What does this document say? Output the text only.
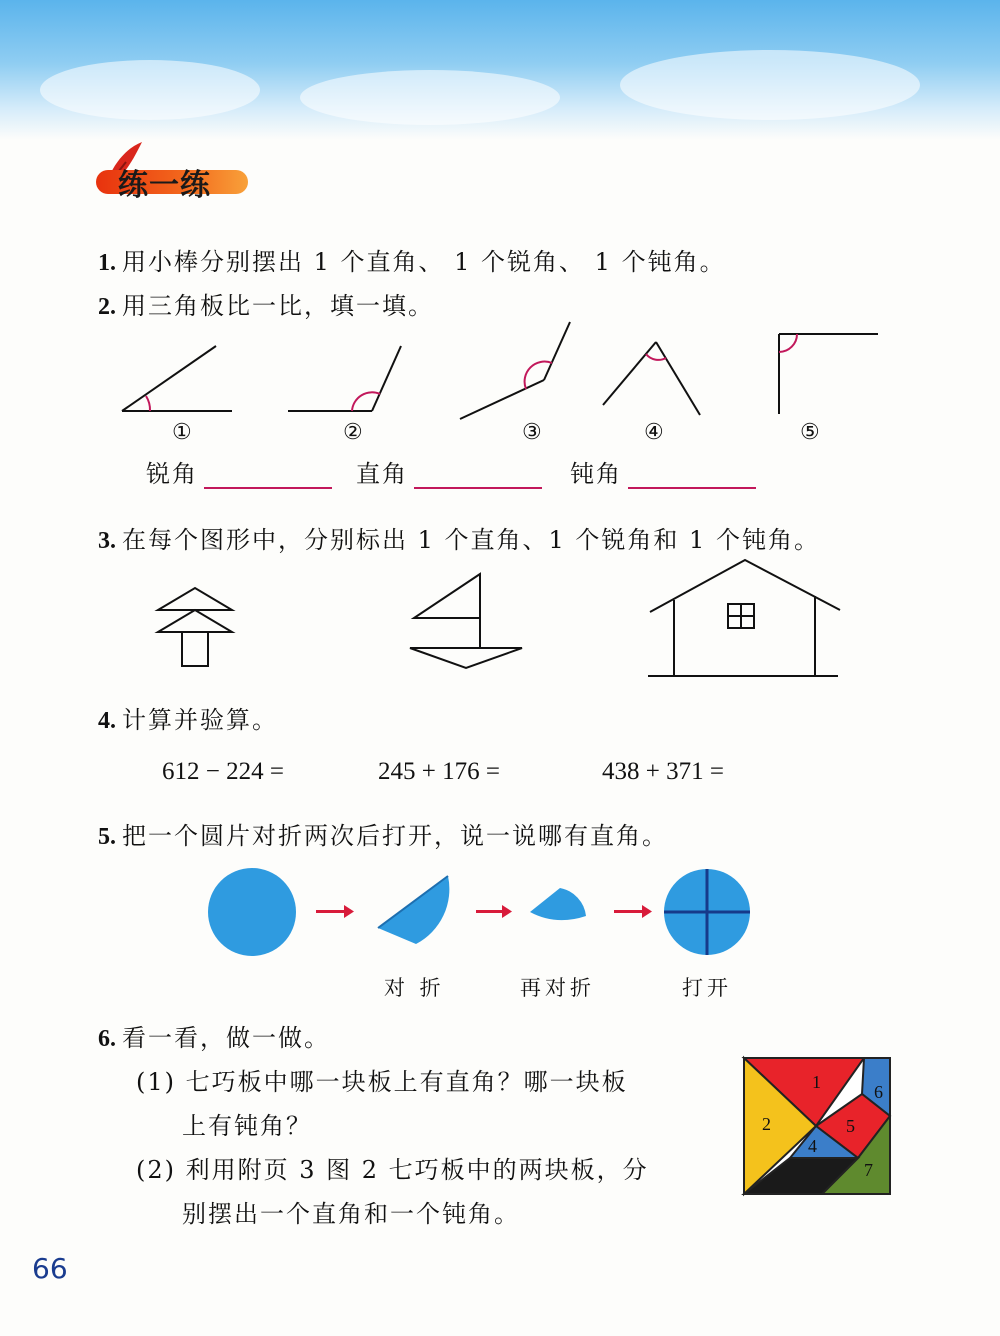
练一练
1. 用小棒分别摆出 1 个直角、 1 个锐角、 1 个钝角。
2. 用三角板比一比，填一填。
①	②	③	④	⑤
锐角	直角	钝角
3. 在每个图形中，分别标出 1 个直角、1 个锐角和 1 个钝角。
4. 计算并验算。
612 − 224 =	245 + 176 =	438 + 371 =
5. 把一个圆片对折两次后打开，说一说哪有直角。
对 折	再对折	打开
6. 看一看，做一做。
(1) 七巧板中哪一块板上有直角？哪一块板
上有钝角？
(2) 利用附页 3 图 2 七巧板中的两块板，分
别摆出一个直角和一个钝角。
1
2
4
5
6
7
66
